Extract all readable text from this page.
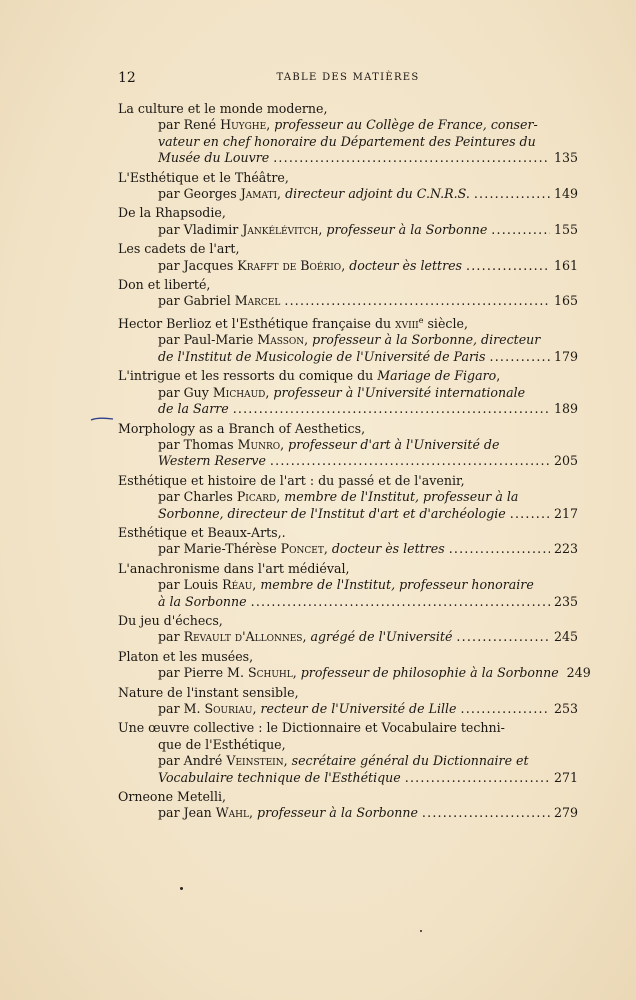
12	TABLE DES MATIÈRES
La culture et le monde moderne,
par René Huyghe, professeur au Collège de France, conser-
vateur en chef honoraire du Département des Peintures du
Musée du Louvre .....	135
L'Esthétique et le Théâtre,
par Georges Jamati, directeur adjoint du C.N.R.S. .....	149
De la Rhapsodie,
par Vladimir Jankélévitch, professeur à la Sorbonne .....	155
Les cadets de l'art,
par Jacques Krafft de Boério, docteur ès lettres .....	161
Don et liberté,
par Gabriel Marcel .....	165
Hector Berlioz et l'Esthétique française du xviii$^e$ siècle,
par Paul-Marie Masson, professeur à la Sorbonne, directeur
de l'Institut de Musicologie de l'Université de Paris .....	179
L'intrigue et les ressorts du comique du Mariage de Figaro,
par Guy Michaud, professeur à l'Université internationale
de la Sarre .....	189
Morphology as a Branch of Aesthetics,
par Thomas Munro, professeur d'art à l'Université de
Western Reserve .....	205
Esthétique et histoire de l'art : du passé et de l'avenir,
par Charles Picard, membre de l'Institut, professeur à la
Sorbonne, directeur de l'Institut d'art et d'archéologie .....	217
Esthétique et Beaux-Arts,.
par Marie-Thérèse Poncet, docteur ès lettres .....	223
L'anachronisme dans l'art médiéval,
par Louis Réau, membre de l'Institut, professeur honoraire
à la Sorbonne .....	235
Du jeu d'échecs,
par Revault d'Allonnes, agrégé de l'Université .....	245
Platon et les musées,
par Pierre M. Schuhl, professeur de philosophie à la Sorbonne 249
Nature de l'instant sensible,
par M. Souriau, recteur de l'Université de Lille .....	253
Une œuvre collective : le Dictionnaire et Vocabulaire techni-
que de l'Esthétique,
par André Veinstein, secrétaire général du Dictionnaire et
Vocabulaire technique de l'Esthétique .....	271
Orneone Metelli,
par Jean Wahl, professeur à la Sorbonne .....	279
